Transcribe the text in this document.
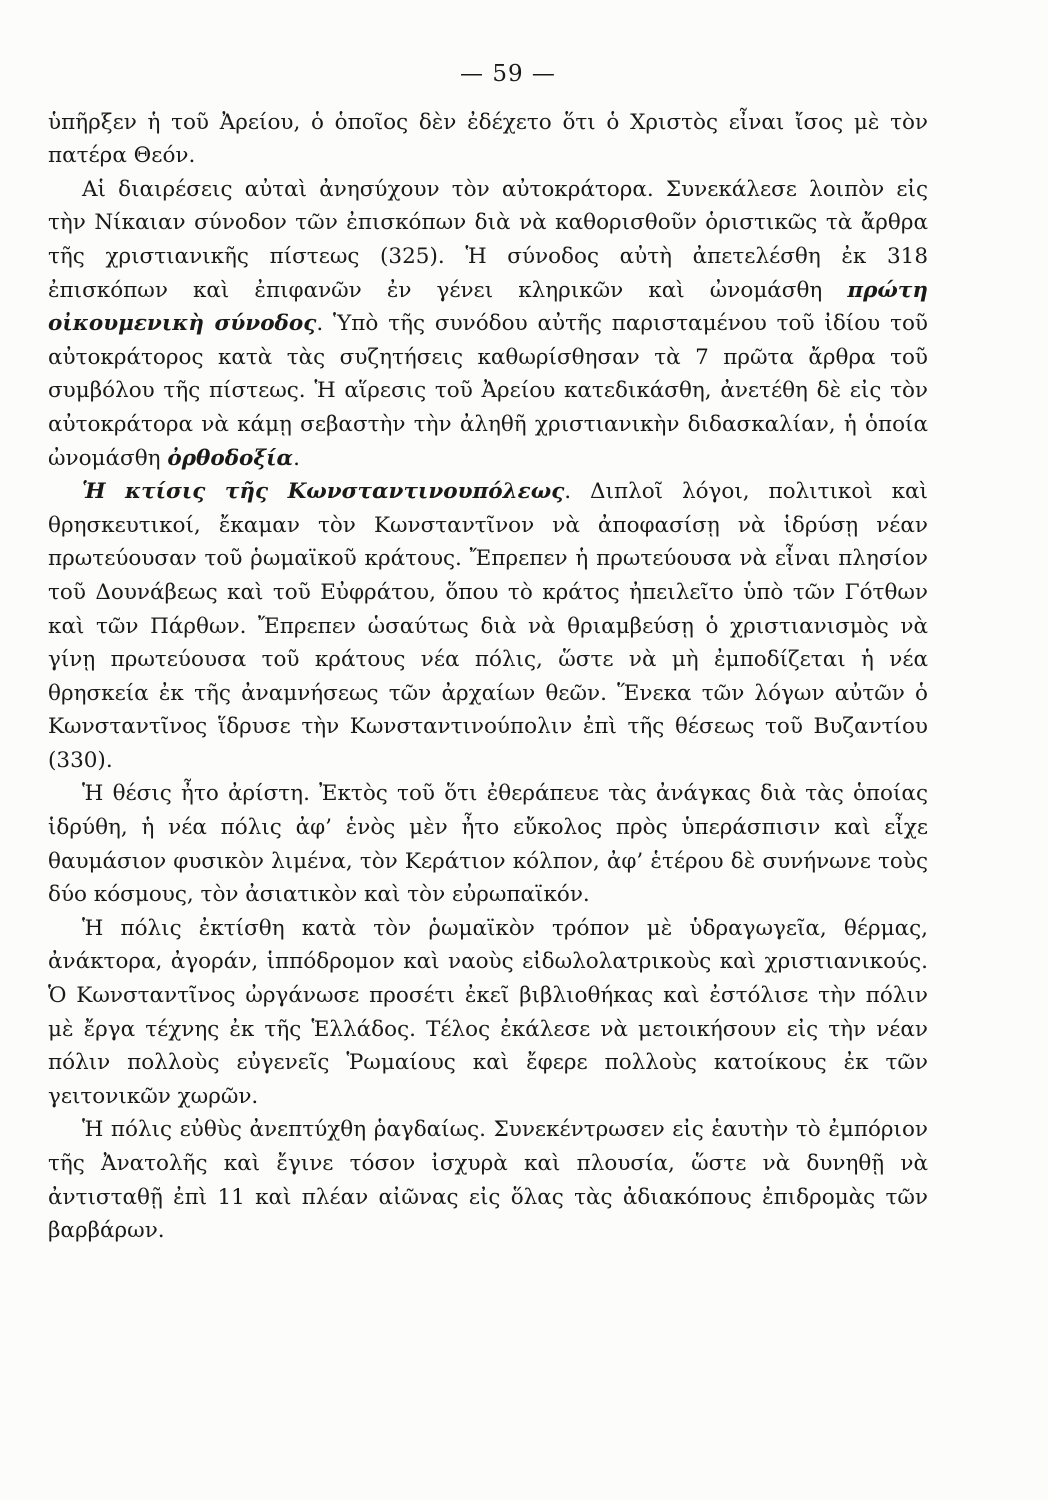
— 59 —

ὑπῆρξεν ἡ τοῦ Ἀρείου, ὁ ὁποῖος δὲν ἐδέχετο ὅτι ὁ Χριστὸς εἶναι ἴσος μὲ τὸν πατέρα Θεόν.

Αἱ διαιρέσεις αὐταὶ ἀνησύχουν τὸν αὐτοκράτορα. Συνεκάλεσε λοιπὸν εἰς τὴν Νίκαιαν σύνοδον τῶν ἐπισκόπων διὰ νὰ καθορισθοῦν ὁριστικῶς τὰ ἄρθρα τῆς χριστιανικῆς πίστεως (325). Ἡ σύνοδος αὐτὴ ἀπετελέσθη ἐκ 318 ἐπισκόπων καὶ ἐπιφανῶν ἐν γένει κληρικῶν καὶ ὠνομάσθη πρώτη οἰκουμενικὴ σύνοδος. Ὑπὸ τῆς συνόδου αὐτῆς παρισταμένου τοῦ ἰδίου τοῦ αὐτοκράτορος κατὰ τὰς συζητήσεις καθωρίσθησαν τὰ 7 πρῶτα ἄρθρα τοῦ συμβόλου τῆς πίστεως. Ἡ αἵρεσις τοῦ Ἀρείου κατεδικάσθη, ἀνετέθη δὲ εἰς τὸν αὐτοκράτορα νὰ κάμῃ σεβαστὴν τὴν ἀληθῆ χριστιανικὴν διδασκαλίαν, ἡ ὁποία ὠνομάσθη ὀρθοδοξία.

Ἡ κτίσις τῆς Κωνσταντινουπόλεως. Διπλοῖ λόγοι, πολιτικοὶ καὶ θρησκευτικοί, ἔκαμαν τὸν Κωνσταντῖνον νὰ ἀποφασίσῃ νὰ ἱδρύσῃ νέαν πρωτεύουσαν τοῦ ῥωμαϊκοῦ κράτους. Ἔπρεπεν ἡ πρωτεύουσα νὰ εἶναι πλησίον τοῦ Δουνάβεως καὶ τοῦ Εὐφράτου, ὅπου τὸ κράτος ἠπειλεῖτο ὑπὸ τῶν Γότθων καὶ τῶν Πάρθων. Ἔπρεπεν ὡσαύτως διὰ νὰ θριαμβεύσῃ ὁ χριστιανισμὸς νὰ γίνῃ πρωτεύουσα τοῦ κράτους νέα πόλις, ὥστε νὰ μὴ ἐμποδίζεται ἡ νέα θρησκεία ἐκ τῆς ἀναμνήσεως τῶν ἀρχαίων θεῶν. Ἕνεκα τῶν λόγων αὐτῶν ὁ Κωνσταντῖνος ἵδρυσε τὴν Κωνσταντινούπολιν ἐπὶ τῆς θέσεως τοῦ Βυζαντίου (330).

Ἡ θέσις ἦτο ἀρίστη. Ἐκτὸς τοῦ ὅτι ἐθεράπευε τὰς ἀνάγκας διὰ τὰς ὁποίας ἱδρύθη, ἡ νέα πόλις ἀφ’ ἑνὸς μὲν ἦτο εὔκολος πρὸς ὑπεράσπισιν καὶ εἶχε θαυμάσιον φυσικὸν λιμένα, τὸν Κεράτιον κόλπον, ἀφ’ ἑτέρου δὲ συνήνωνε τοὺς δύο κόσμους, τὸν ἀσιατικὸν καὶ τὸν εὐρωπαϊκόν.

Ἡ πόλις ἐκτίσθη κατὰ τὸν ῥωμαϊκὸν τρόπον μὲ ὑδραγωγεῖα, θέρμας, ἀνάκτορα, ἀγοράν, ἱππόδρομον καὶ ναοὺς εἰδωλολατρικοὺς καὶ χριστιανικούς. Ὁ Κωνσταντῖνος ὠργάνωσε προσέτι ἐκεῖ βιβλιοθήκας καὶ ἐστόλισε τὴν πόλιν μὲ ἔργα τέχνης ἐκ τῆς Ἑλλάδος. Τέλος ἐκάλεσε νὰ μετοικήσουν εἰς τὴν νέαν πόλιν πολλοὺς εὐγενεῖς Ῥωμαίους καὶ ἔφερε πολλοὺς κατοίκους ἐκ τῶν γειτονικῶν χωρῶν.

Ἡ πόλις εὐθὺς ἀνεπτύχθη ῥαγδαίως. Συνεκέντρωσεν εἰς ἑαυτὴν τὸ ἐμπόριον τῆς Ἀνατολῆς καὶ ἔγινε τόσον ἰσχυρὰ καὶ πλουσία, ὥστε νὰ δυνηθῇ νὰ ἀντισταθῇ ἐπὶ 11 καὶ πλέαν αἰῶνας εἰς ὅλας τὰς ἀδιακόπους ἐπιδρομὰς τῶν βαρβάρων.
